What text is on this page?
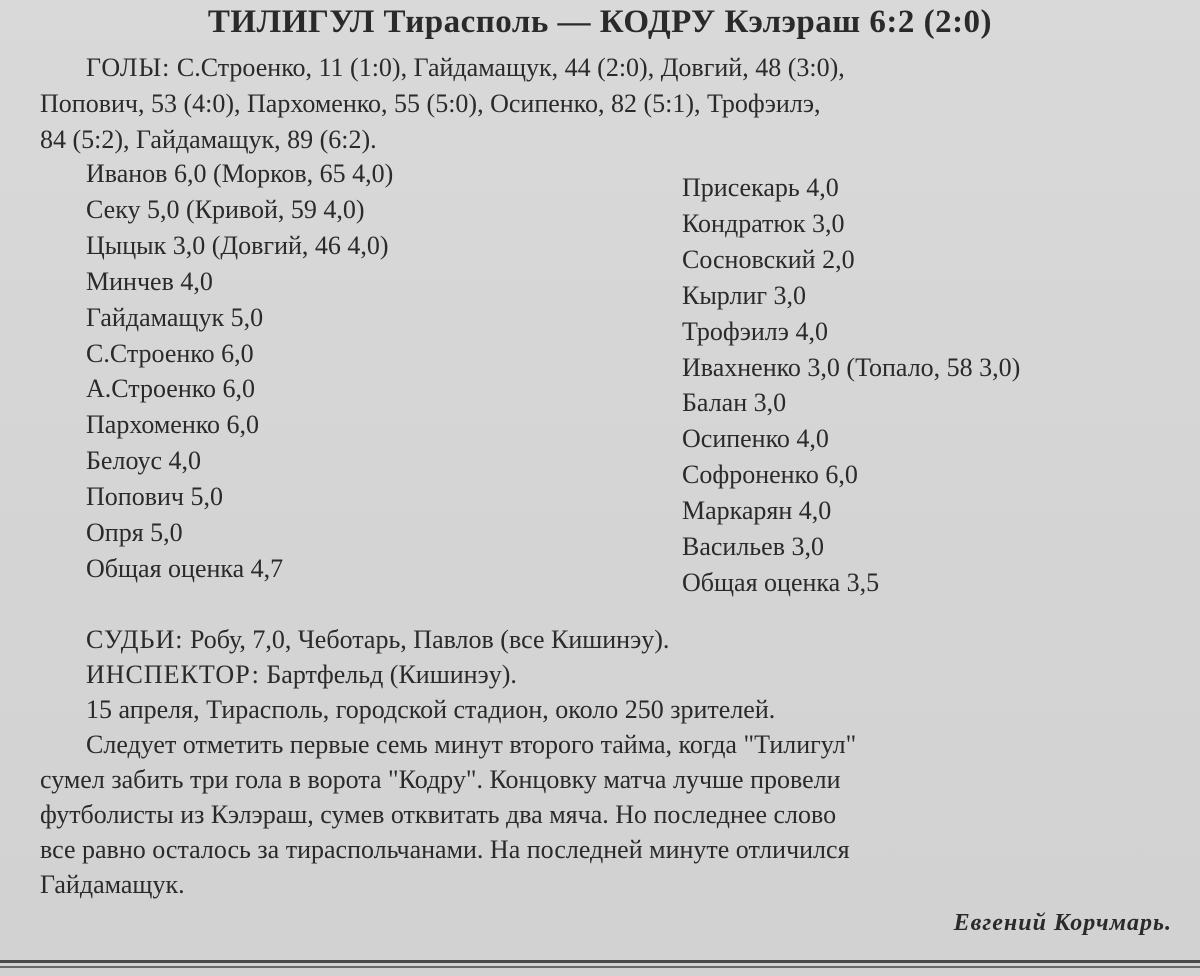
ТИЛИГУЛ Тирасполь — КОДРУ Кэлэраш 6:2 (2:0)
ГОЛЫ: С.Строенко, 11 (1:0), Гайдамащук, 44 (2:0), Довгий, 48 (3:0),
Попович, 53 (4:0), Пархоменко, 55 (5:0), Осипенко, 82 (5:1), Трофэилэ,
84 (5:2), Гайдамащук, 89 (6:2).
Иванов 6,0 (Морков, 65 4,0)
Секу 5,0 (Кривой, 59 4,0)
Цыцык 3,0 (Довгий, 46 4,0)
Минчев 4,0
Гайдамащук 5,0
С.Строенко 6,0
А.Строенко 6,0
Пархоменко 6,0
Белоус 4,0
Попович 5,0
Опря 5,0
Общая оценка 4,7
Присекарь 4,0
Кондратюк 3,0
Сосновский 2,0
Кырлиг 3,0
Трофэилэ 4,0
Ивахненко 3,0 (Топало, 58 3,0)
Балан 3,0
Осипенко 4,0
Софроненко 6,0
Маркарян 4,0
Васильев 3,0
Общая оценка 3,5
СУДЬИ: Робу, 7,0, Чеботарь, Павлов (все Кишинэу).
ИНСПЕКТОР: Бартфельд (Кишинэу).
15 апреля, Тирасполь, городской стадион, около 250 зрителей.
Следует отметить первые семь минут второго тайма, когда "Тилигул"
сумел забить три гола в ворота "Кодру". Концовку матча лучше провели
футболисты из Кэлэраш, сумев отквитать два мяча. Но последнее слово
все равно осталось за тираспольчанами. На последней минуте отличился
Гайдамащук.
Евгений Корчмарь.
